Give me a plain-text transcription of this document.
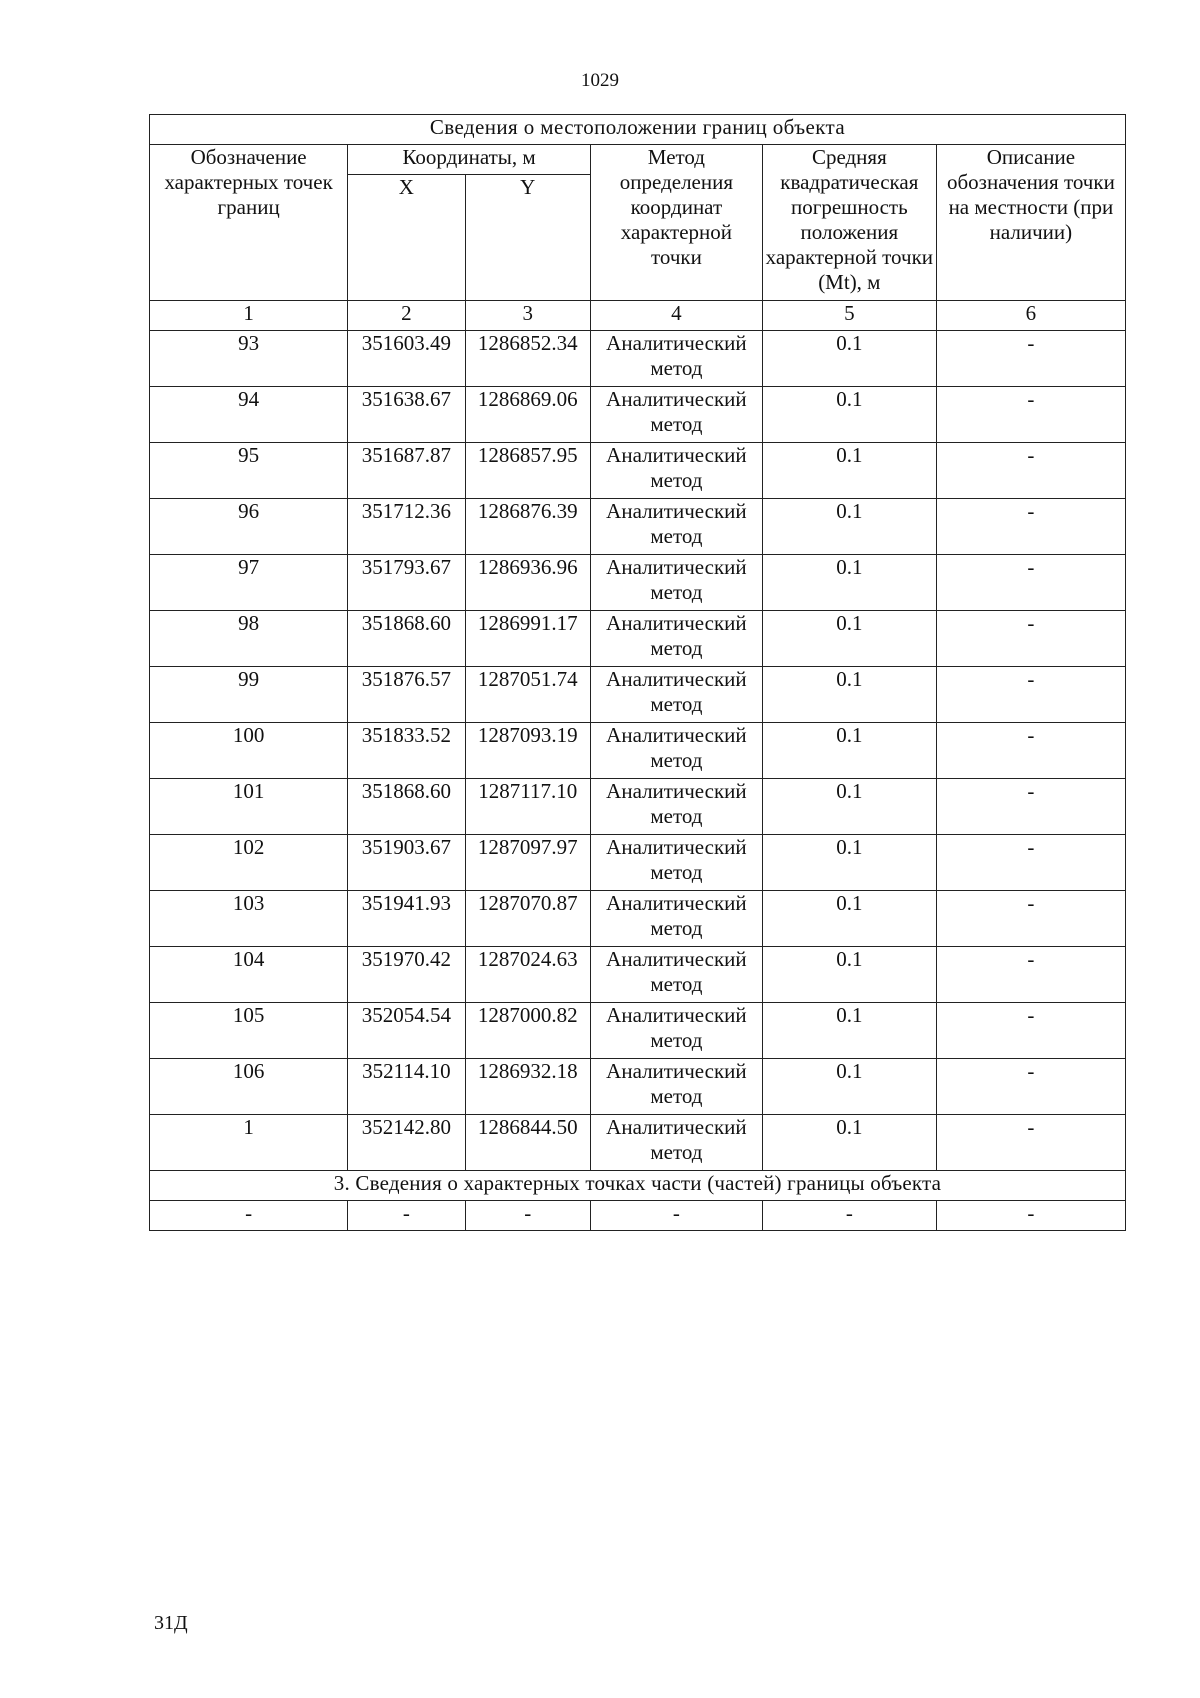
1029
Сведения о местоположении границ объекта					
Обозначение характерных точек границ	Координаты, м		Метод определения координат характерной точки	Средняя квадратическая погрешность положения характерной точки (Mt), м	Описание обозначения точки на местности (при наличии)
	X	Y			
1	2	3	4	5	6
93	351603.49	1286852.34	Аналитический метод	0.1	-
94	351638.67	1286869.06	Аналитический метод	0.1	-
95	351687.87	1286857.95	Аналитический метод	0.1	-
96	351712.36	1286876.39	Аналитический метод	0.1	-
97	351793.67	1286936.96	Аналитический метод	0.1	-
98	351868.60	1286991.17	Аналитический метод	0.1	-
99	351876.57	1287051.74	Аналитический метод	0.1	-
100	351833.52	1287093.19	Аналитический метод	0.1	-
101	351868.60	1287117.10	Аналитический метод	0.1	-
102	351903.67	1287097.97	Аналитический метод	0.1	-
103	351941.93	1287070.87	Аналитический метод	0.1	-
104	351970.42	1287024.63	Аналитический метод	0.1	-
105	352054.54	1287000.82	Аналитический метод	0.1	-
106	352114.10	1286932.18	Аналитический метод	0.1	-
1	352142.80	1286844.50	Аналитический метод	0.1	-
3. Сведения о характерных точках части (частей) границы объекта					
-	-	-	-	-	-
31Д
